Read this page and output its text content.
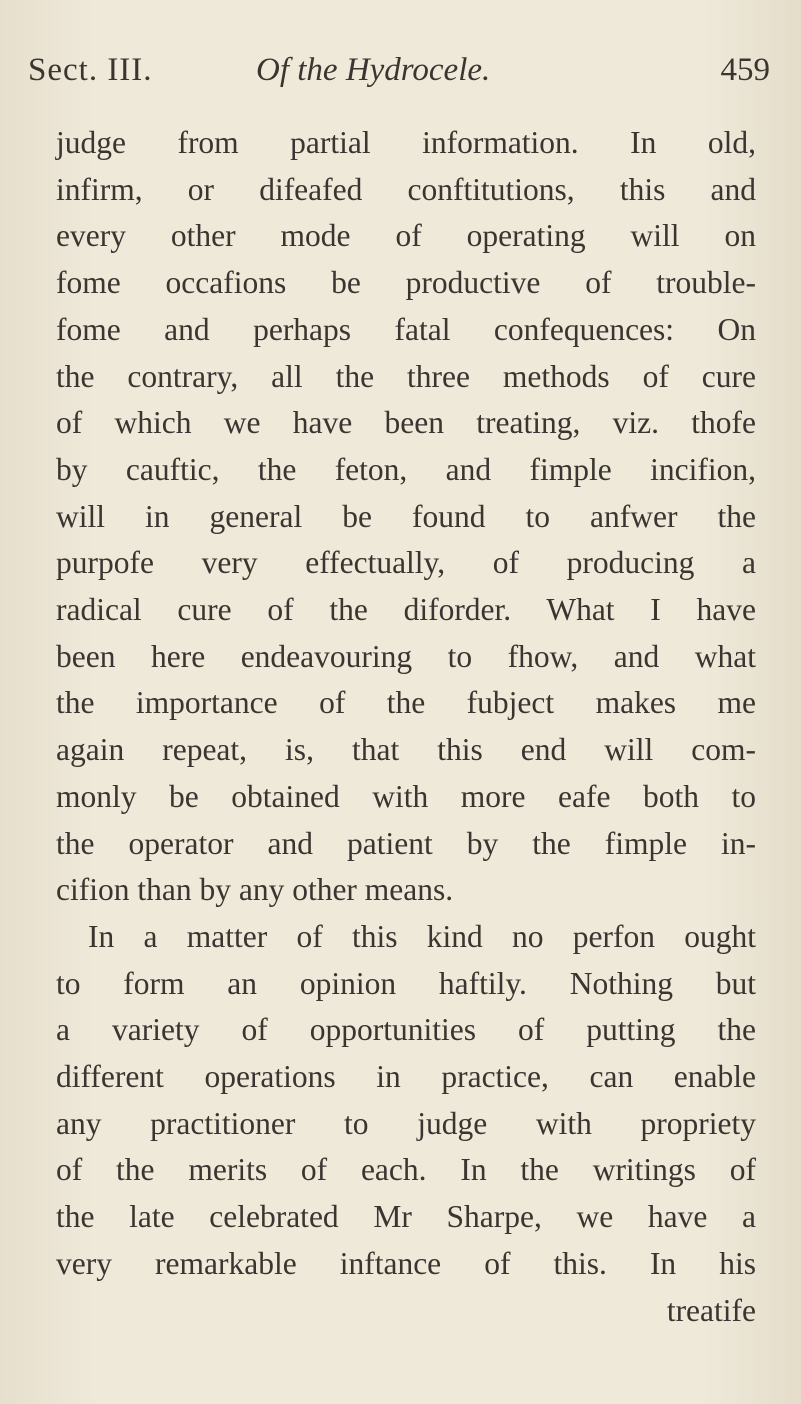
Sect. III.	Of the Hydrocele.	459
judge from partial information. In old,
infirm, or difeafed conftitutions, this and
every other mode of operating will on
fome occafions be productive of trouble-
fome and perhaps fatal confequences: On
the contrary, all the three methods of cure
of which we have been treating, viz. thofe
by cauftic, the feton, and fimple incifion,
will in general be found to anfwer the
purpofe very effectually, of producing a
radical cure of the diforder. What I have
been here endeavouring to fhow, and what
the importance of the fubject makes me
again repeat, is, that this end will com-
monly be obtained with more eafe both to
the operator and patient by the fimple in-
cifion than by any other means.
In a matter of this kind no perfon ought
to form an opinion haftily. Nothing but
a variety of opportunities of putting the
different operations in practice, can enable
any practitioner to judge with propriety
of the merits of each. In the writings of
the late celebrated Mr Sharpe, we have a
very remarkable inftance of this. In his
treatife
